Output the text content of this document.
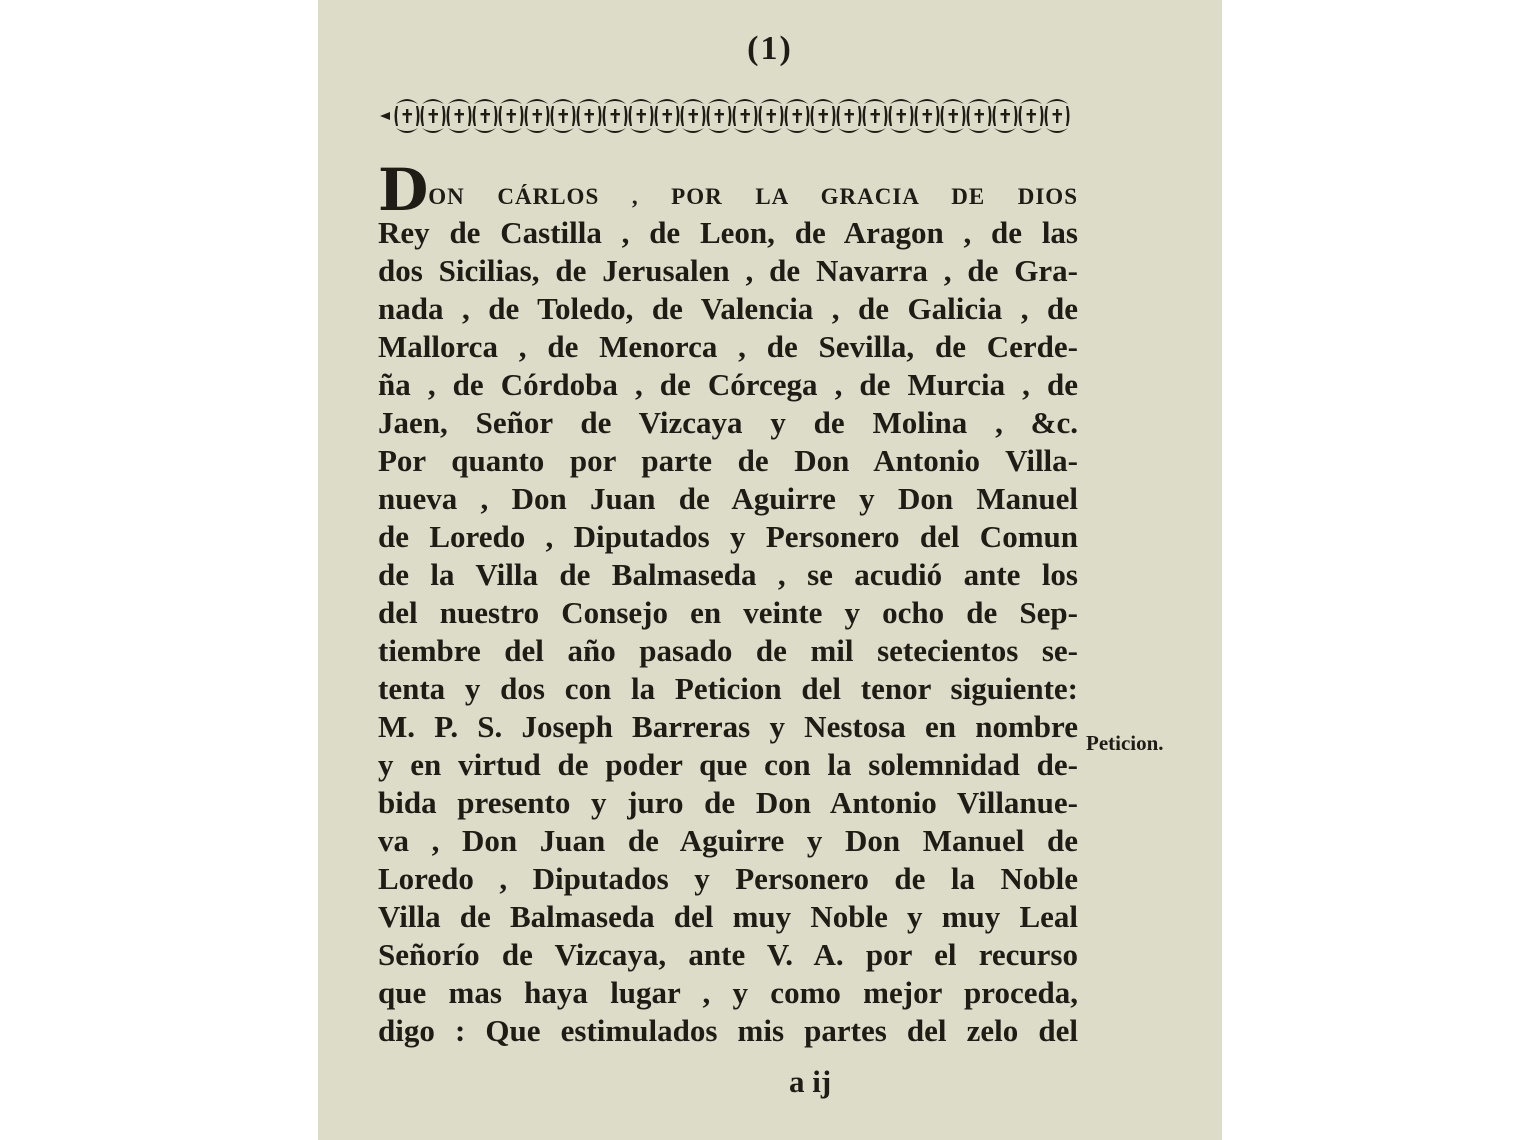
(1)
DON CÁRLOS , POR LA GRACIA DE DIOS
Rey de Castilla , de Leon, de Aragon , de las
dos Sicilias, de Jerusalen , de Navarra , de Gra-
nada , de Toledo, de Valencia , de Galicia , de
Mallorca , de Menorca , de Sevilla, de Cerde-
ña , de Córdoba , de Córcega , de Murcia , de
Jaen, Señor de Vizcaya y de Molina , &c.
Por quanto por parte de Don Antonio Villa-
nueva , Don Juan de Aguirre y Don Manuel
de Loredo , Diputados y Personero del Comun
de la Villa de Balmaseda , se acudió ante los
del nuestro Consejo en veinte y ocho de Sep-
tiembre del año pasado de mil setecientos se-
tenta y dos con la Peticion del tenor siguiente:
M. P. S. Joseph Barreras y Nestosa en nombre
y en virtud de poder que con la solemnidad de-
bida presento y juro de Don Antonio Villanue-
va , Don Juan de Aguirre y Don Manuel de
Loredo , Diputados y Personero de la Noble
Villa de Balmaseda del muy Noble y muy Leal
Señorío de Vizcaya, ante V. A. por el recurso
que mas haya lugar , y como mejor proceda,
digo : Que estimulados mis partes del zelo del
Peticion.
a ij
